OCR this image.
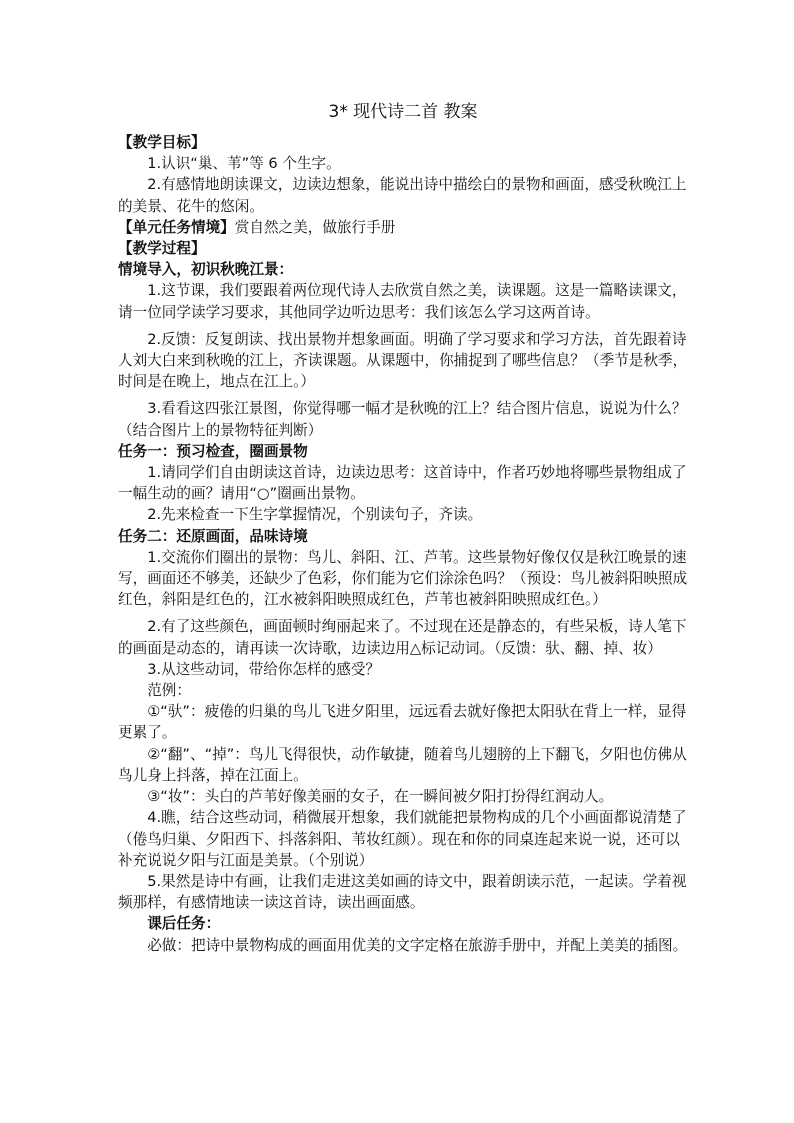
3* 现代诗二首 教案
【教学目标】
1.认识“巢、苇”等 6 个生字。
2.有感情地朗读课文，边读边想象，能说出诗中描绘白的景物和画面，感受秋晚江上的美景、花牛的悠闲。
【单元任务情境】赏自然之美，做旅行手册
【教学过程】
情境导入，初识秋晚江景：
1.这节课，我们要跟着两位现代诗人去欣赏自然之美，读课题。这是一篇略读课文，请一位同学读学习要求，其他同学边听边思考：我们该怎么学习这两首诗。
2.反馈：反复朗读、找出景物并想象画面。明确了学习要求和学习方法，首先跟着诗人刘大白来到秋晚的江上，齐读课题。从课题中，你捕捉到了哪些信息？（季节是秋季，时间是在晚上，地点在江上。）
3.看看这四张江景图，你觉得哪一幅才是秋晚的江上？结合图片信息，说说为什么？（结合图片上的景物特征判断）
任务一：预习检查，圈画景物
1.请同学们自由朗读这首诗，边读边思考：这首诗中，作者巧妙地将哪些景物组成了一幅生动的画？请用“○”圈画出景物。
2.先来检查一下生字掌握情况，个别读句子，齐读。
任务二：还原画面，品味诗境
1.交流你们圈出的景物：鸟儿、斜阳、江、芦苇。这些景物好像仅仅是秋江晚景的速写，画面还不够美，还缺少了色彩，你们能为它们涂涂色吗？（预设：鸟儿被斜阳映照成红色，斜阳是红色的，江水被斜阳映照成红色，芦苇也被斜阳映照成红色。）
2.有了这些颜色，画面顿时绚丽起来了。不过现在还是静态的，有些呆板，诗人笔下的画面是动态的，请再读一次诗歌，边读边用△标记动词。（反馈：驮、翻、掉、妆）
3.从这些动词，带给你怎样的感受？
范例：
①“驮”：疲倦的归巢的鸟儿飞进夕阳里，远远看去就好像把太阳驮在背上一样，显得更累了。
②“翻”、“掉”：鸟儿飞得很快，动作敏捷，随着鸟儿翅膀的上下翻飞，夕阳也仿佛从鸟儿身上抖落，掉在江面上。
③“妆”：头白的芦苇好像美丽的女子，在一瞬间被夕阳打扮得红润动人。
4.瞧，结合这些动词，稍微展开想象，我们就能把景物构成的几个小画面都说清楚了（倦鸟归巢、夕阳西下、抖落斜阳、苇妆红颜）。现在和你的同桌连起来说一说，还可以补充说说夕阳与江面是美景。（个别说）
5.果然是诗中有画，让我们走进这美如画的诗文中，跟着朗读示范，一起读。学着视频那样，有感情地读一读这首诗，读出画面感。
课后任务：
必做：把诗中景物构成的画面用优美的文字定格在旅游手册中，并配上美美的插图。
